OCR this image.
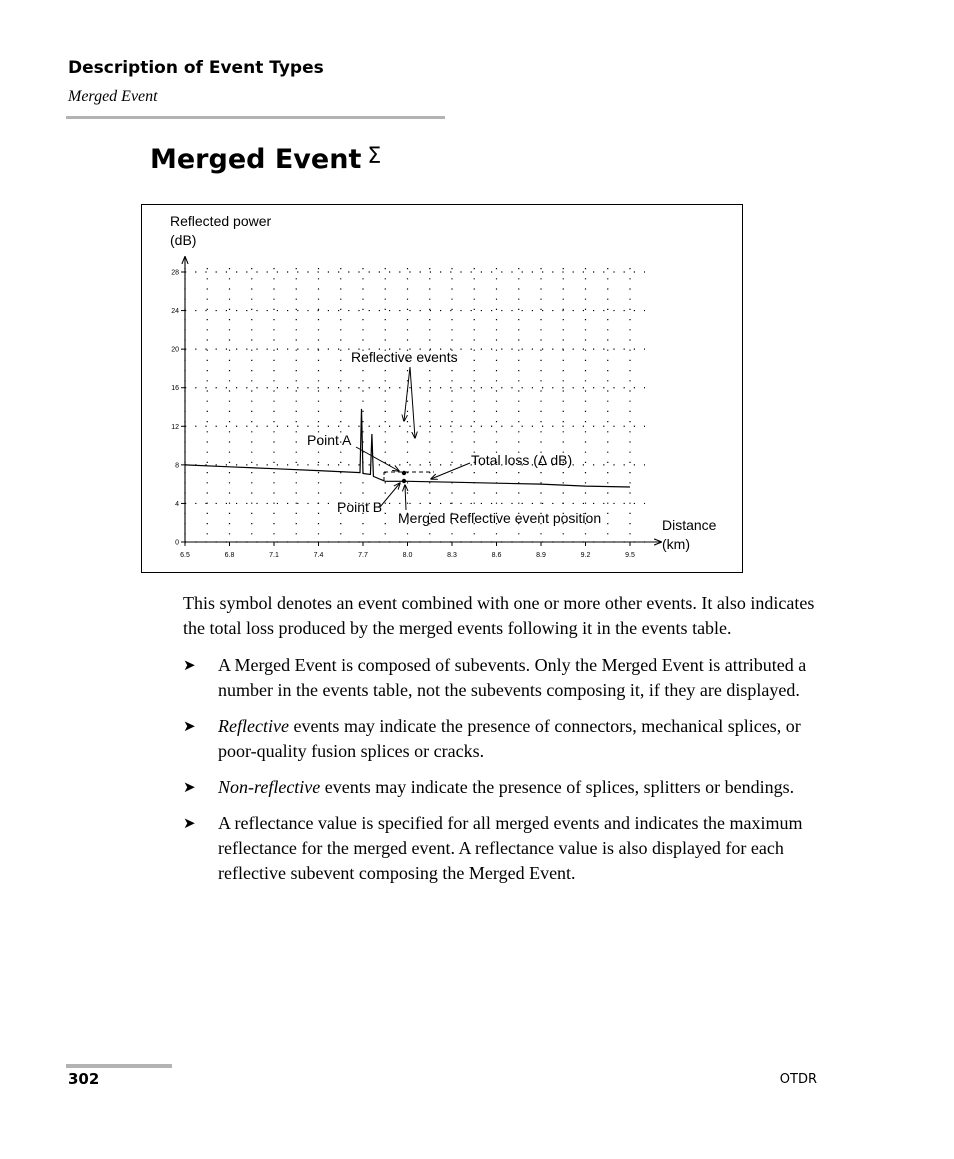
Description of Event Types
Merged Event
Merged Event Σ
6.5	6.8	7.1	7.4	7.7	8.0	8.3	8.6	8.9	9.2	9.5
0
4
8
12
16
20
24
28
Reflected power
(dB)
Distance
(km)
Reflective events
Point A
Point B
Total loss (Δ dB)
Merged Reflective event position

This symbol denotes an event combined with one or more other events. It also indicates the total loss produced by the merged events following it in the events table.

➤ A Merged Event is composed of subevents. Only the Merged Event is attributed a number in the events table, not the subevents composing it, if they are displayed.
➤ Reflective events may indicate the presence of connectors, mechanical splices, or poor-quality fusion splices or cracks.
➤ Non-reflective events may indicate the presence of splices, splitters or bendings.
➤ A reflectance value is specified for all merged events and indicates the maximum reflectance for the merged event. A reflectance value is also displayed for each reflective subevent composing the Merged Event.
302	OTDR
